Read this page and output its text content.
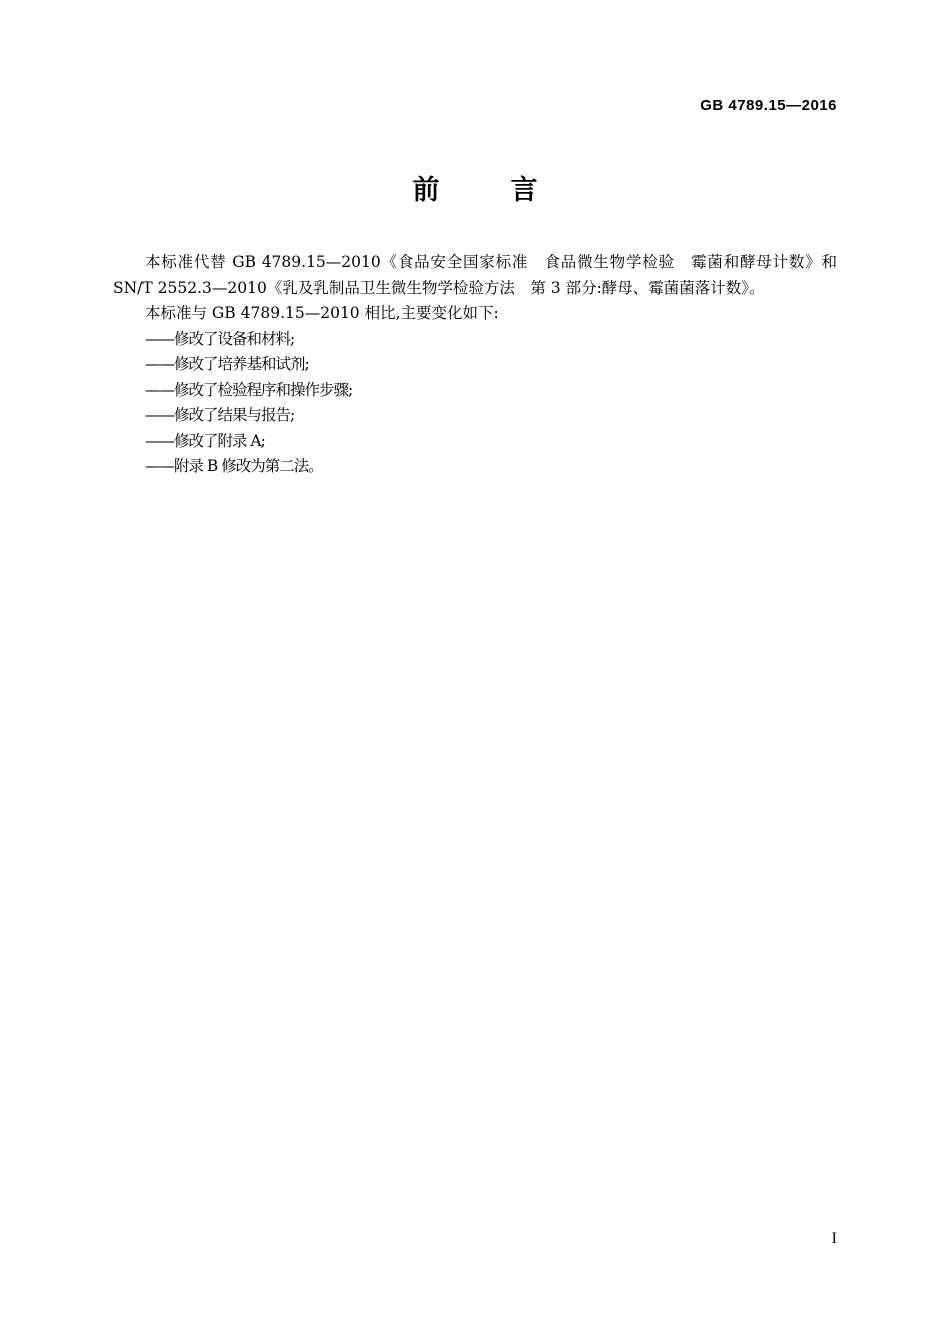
GB 4789.15—2016
前　言

本标准代替 GB 4789.15—2010《食品安全国家标准　食品微生物学检验　霉菌和酵母计数》和SN/T 2552.3—2010《乳及乳制品卫生微生物学检验方法　第 3 部分:酵母、霉菌菌落计数》。

本标准与 GB 4789.15—2010 相比,主要变化如下:

——修改了设备和材料;

——修改了培养基和试剂;

——修改了检验程序和操作步骤;

——修改了结果与报告;

——修改了附录 A;

——附录 B 修改为第二法。

I
